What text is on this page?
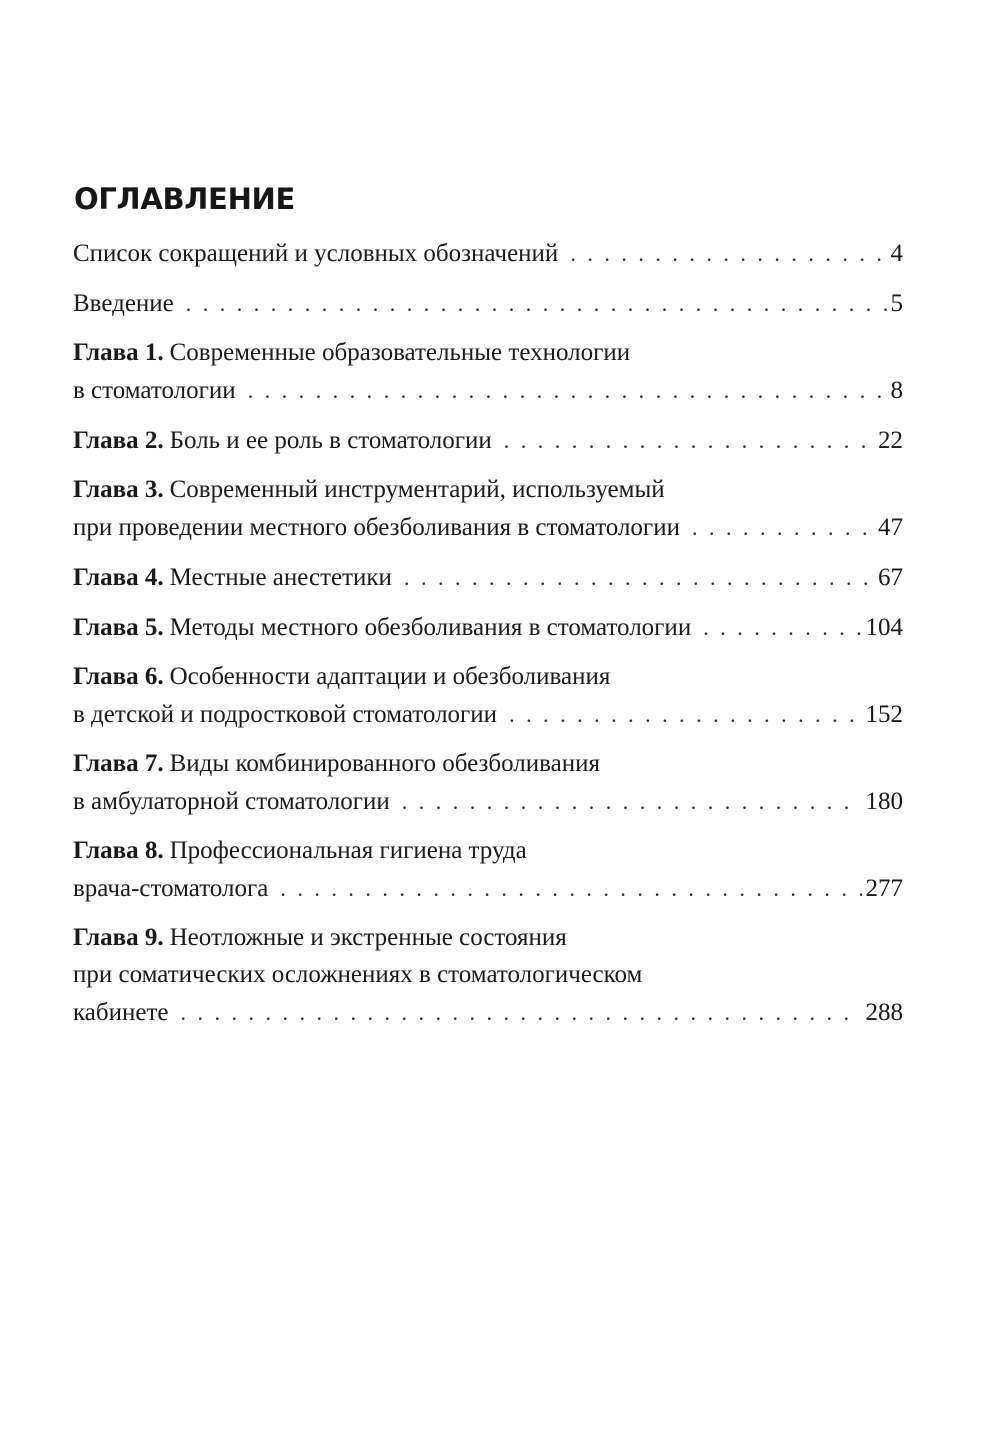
ОГЛАВЛЕНИЕ
Список сокращений и условных обозначений . . .	4
Введение . . .	5
Глава 1. Современные образовательные технологии
в стоматологии . . .	8
Глава 2. Боль и ее роль в стоматологии . . .	22
Глава 3. Современный инструментарий, используемый
при проведении местного обезболивания в стоматологии . . .	47
Глава 4. Местные анестетики . . .	67
Глава 5. Методы местного обезболивания в стоматологии . . .	104
Глава 6. Особенности адаптации и обезболивания
в детской и подростковой стоматологии . . .	152
Глава 7. Виды комбинированного обезболивания
в амбулаторной стоматологии . . .	180
Глава 8. Профессиональная гигиена труда
врача-стоматолога . . .	277
Глава 9. Неотложные и экстренные состояния
при соматических осложнениях в стоматологическом
кабинете . . .	288
